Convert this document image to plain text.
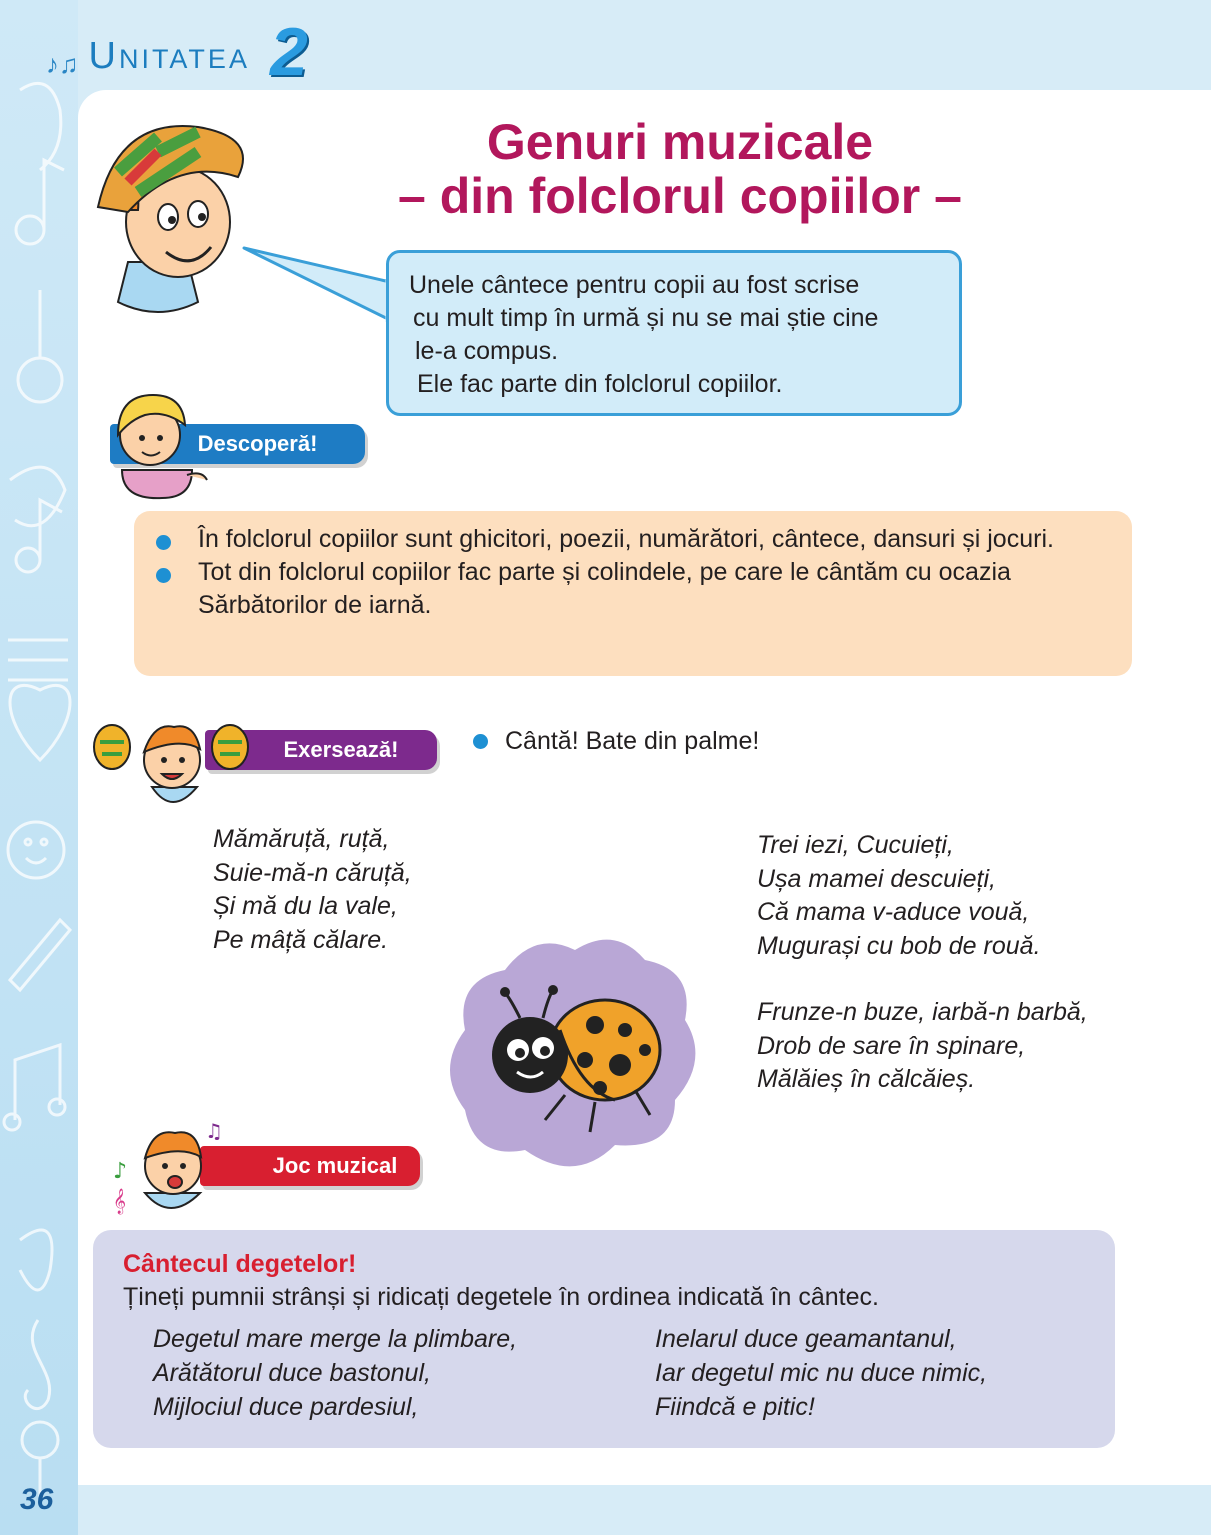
♪♫ Unitatea 2
Genuri muzicale
– din folclorul copiilor –
Unele cântece pentru copii au fost scrise
cu mult timp în urmă și nu se mai știe cine
le-a compus.
Ele fac parte din folclorul copiilor.
Descoperă!
În folclorul copiilor sunt ghicitori, poezii, numărători, cântece, dansuri și jocuri.
Tot din folclorul copiilor fac parte și colindele, pe care le cântăm cu ocazia Sărbătorilor de iarnă.
Exersează!	Cântă! Bate din palme!
Mămăruță, ruță,
Suie-mă-n căruță,
Și mă du la vale,
Pe mâță călare.
Trei iezi, Cucuieți,
Ușa mamei descuieți,
Că mama v-aduce vouă,
Mugurași cu bob de rouă.
Frunze-n buze, iarbă-n barbă,
Drob de sare în spinare,
Mălăieș în călcăieș.
Joc muzical
♪
♫
𝄞
Cântecul degetelor!
Țineți pumnii strânși și ridicați degetele în ordinea indicată în cântec.
Degetul mare merge la plimbare,
Arătătorul duce bastonul,
Mijlociul duce pardesiul,
Inelarul duce geamantanul,
Iar degetul mic nu duce nimic,
Fiindcă e pitic!
36
